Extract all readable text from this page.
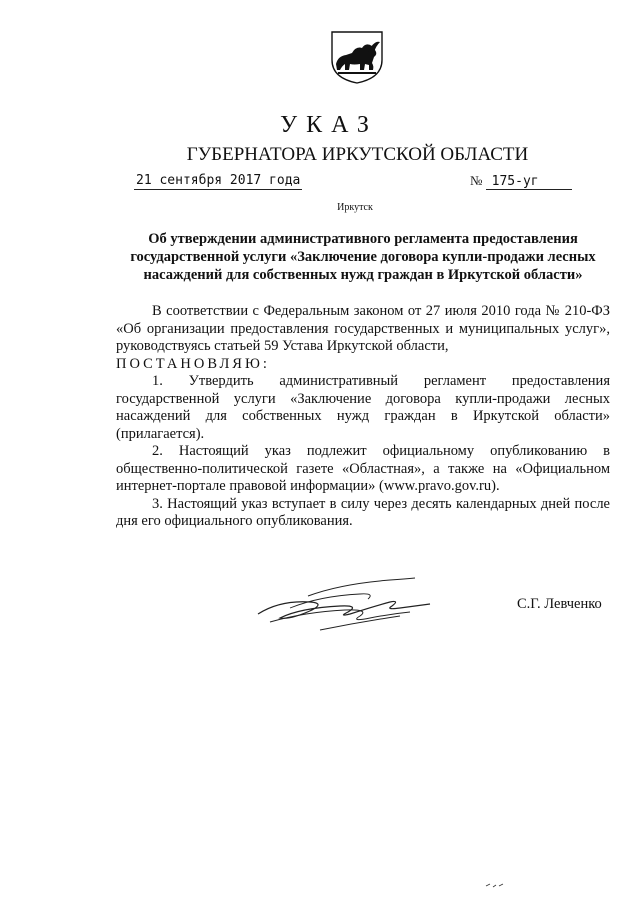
УКАЗ
ГУБЕРНАТОРА ИРКУТСКОЙ ОБЛАСТИ
21 сентября 2017 года	№ 175-уг
Иркутск
Об утверждении административного регламента предоставления государственной услуги «Заключение договора купли-продажи лесных насаждений для собственных нужд граждан в Иркутской области»

В соответствии с Федеральным законом от 27 июля 2010 года № 210-ФЗ «Об организации предоставления государственных и муниципальных услуг», руководствуясь статьей 59 Устава Иркутской области,

ПОСТАНОВЛЯЮ:

1. Утвердить административный регламент предоставления государственной услуги «Заключение договора купли-продажи лесных насаждений для собственных нужд граждан в Иркутской области» (прилагается).

2. Настоящий указ подлежит официальному опубликованию в общественно-политической газете «Областная», а также на «Официальном интернет-портале правовой информации» (www.pravo.gov.ru).

3. Настоящий указ вступает в силу через десять календарных дней после дня его официального опубликования.

С.Г. Левченко
